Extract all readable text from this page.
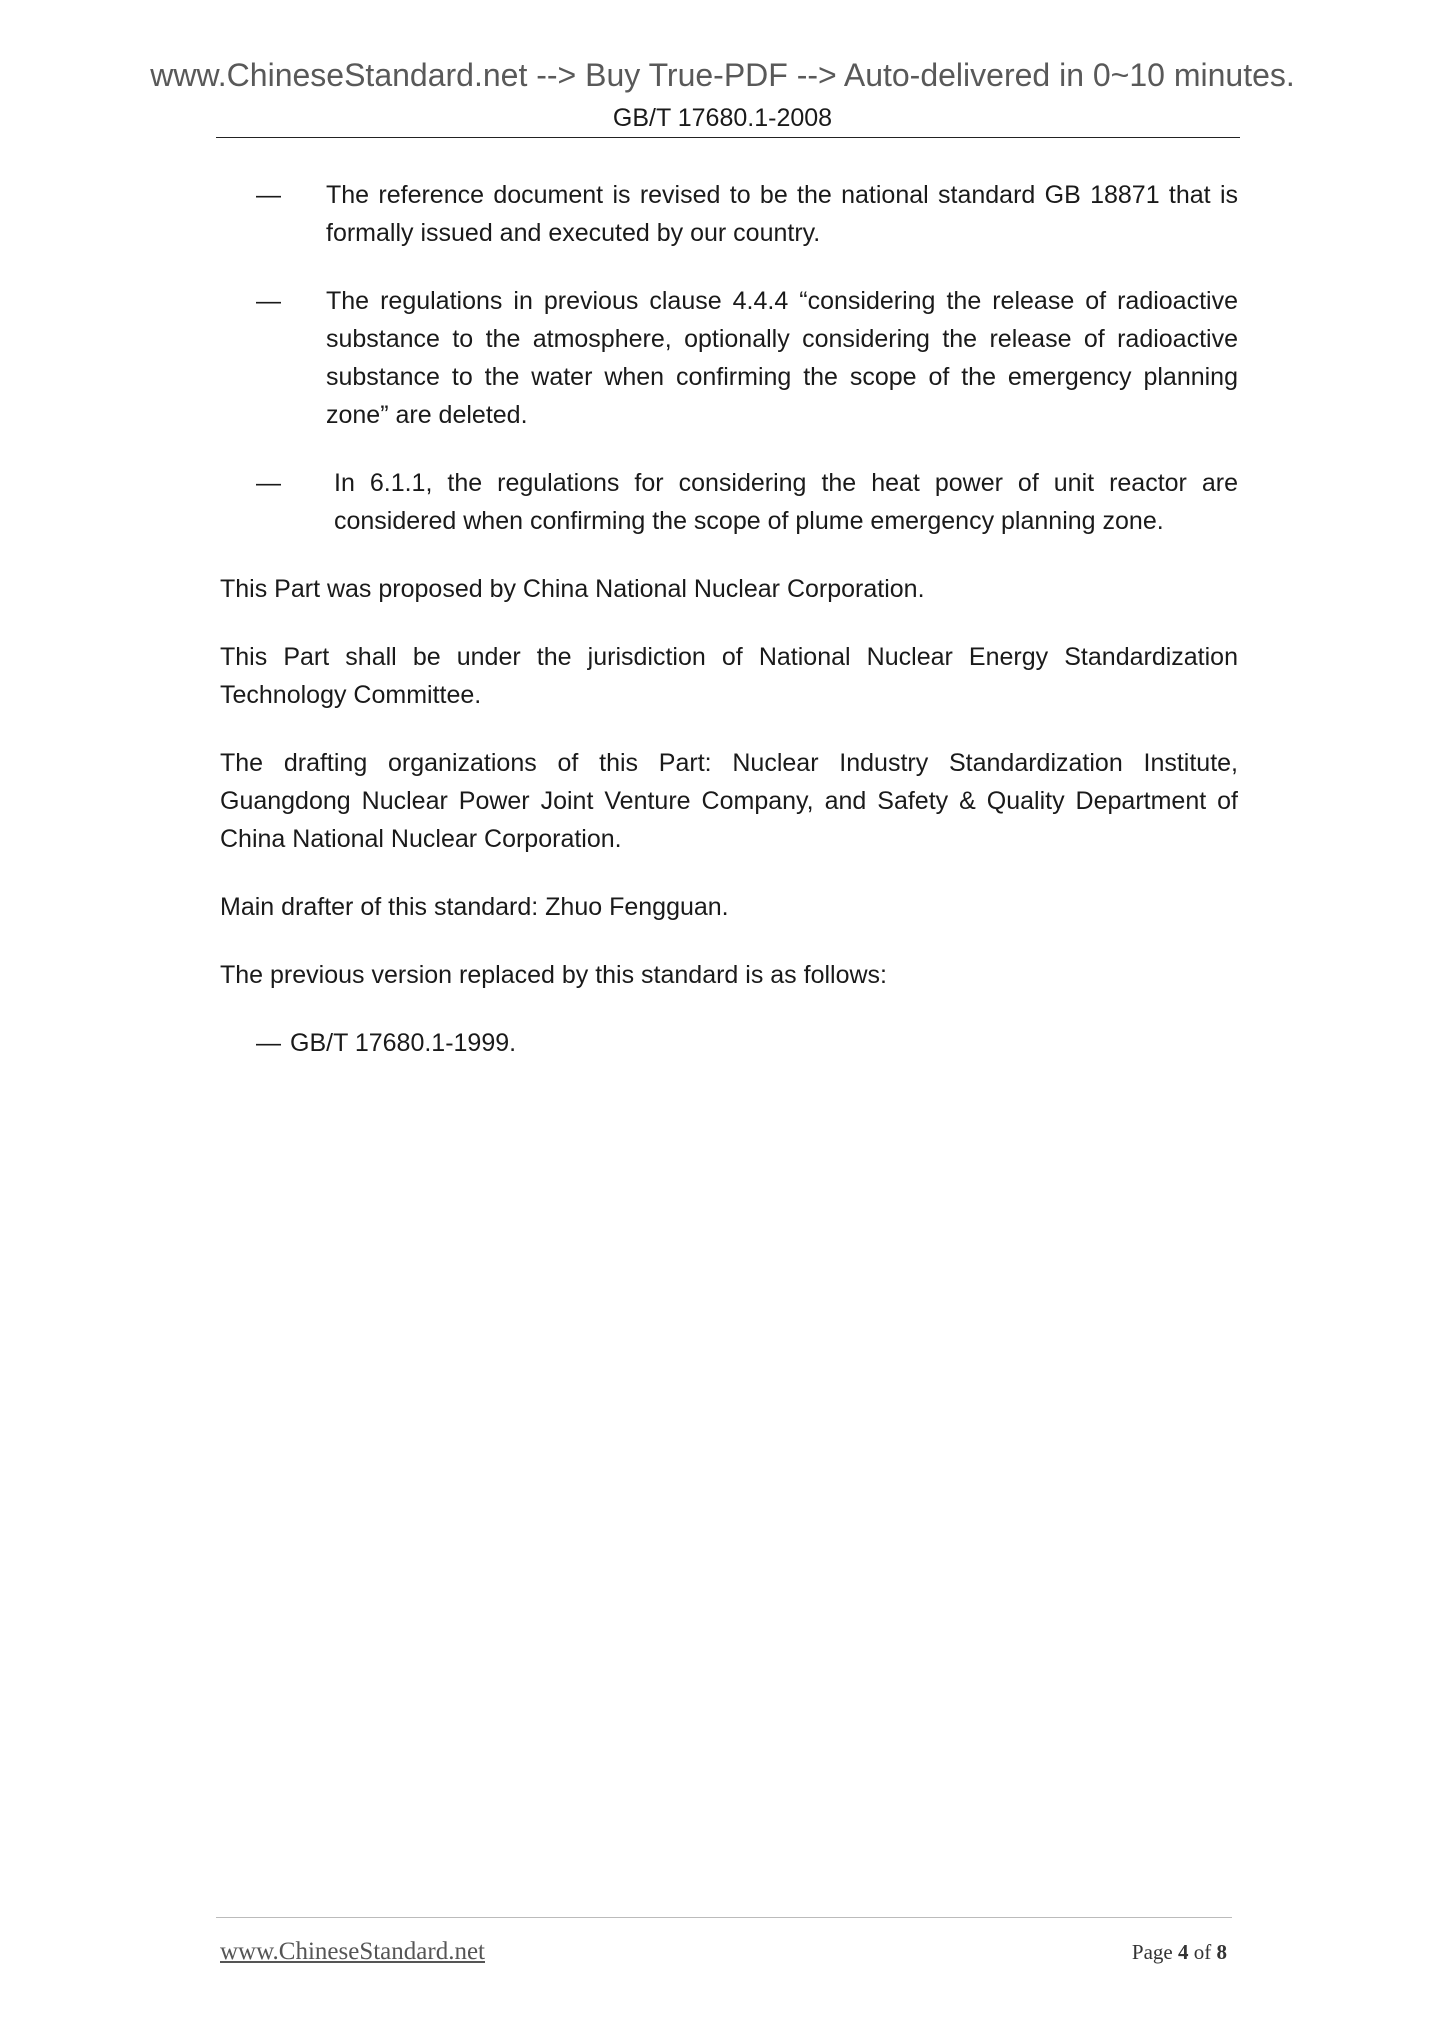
www.ChineseStandard.net --> Buy True-PDF --> Auto-delivered in 0~10 minutes.
GB/T 17680.1-2008
— The reference document is revised to be the national standard GB 18871 that is formally issued and executed by our country.
— The regulations in previous clause 4.4.4 “considering the release of radioactive substance to the atmosphere, optionally considering the release of radioactive substance to the water when confirming the scope of the emergency planning zone” are deleted.
— In 6.1.1, the regulations for considering the heat power of unit reactor are considered when confirming the scope of plume emergency planning zone.

This Part was proposed by China National Nuclear Corporation.

This Part shall be under the jurisdiction of National Nuclear Energy Standardization Technology Committee.

The drafting organizations of this Part: Nuclear Industry Standardization Institute, Guangdong Nuclear Power Joint Venture Company, and Safety & Quality Department of China National Nuclear Corporation.

Main drafter of this standard: Zhuo Fengguan.

The previous version replaced by this standard is as follows:

— GB/T 17680.1-1999.
www.ChineseStandard.net	Page 4 of 8
